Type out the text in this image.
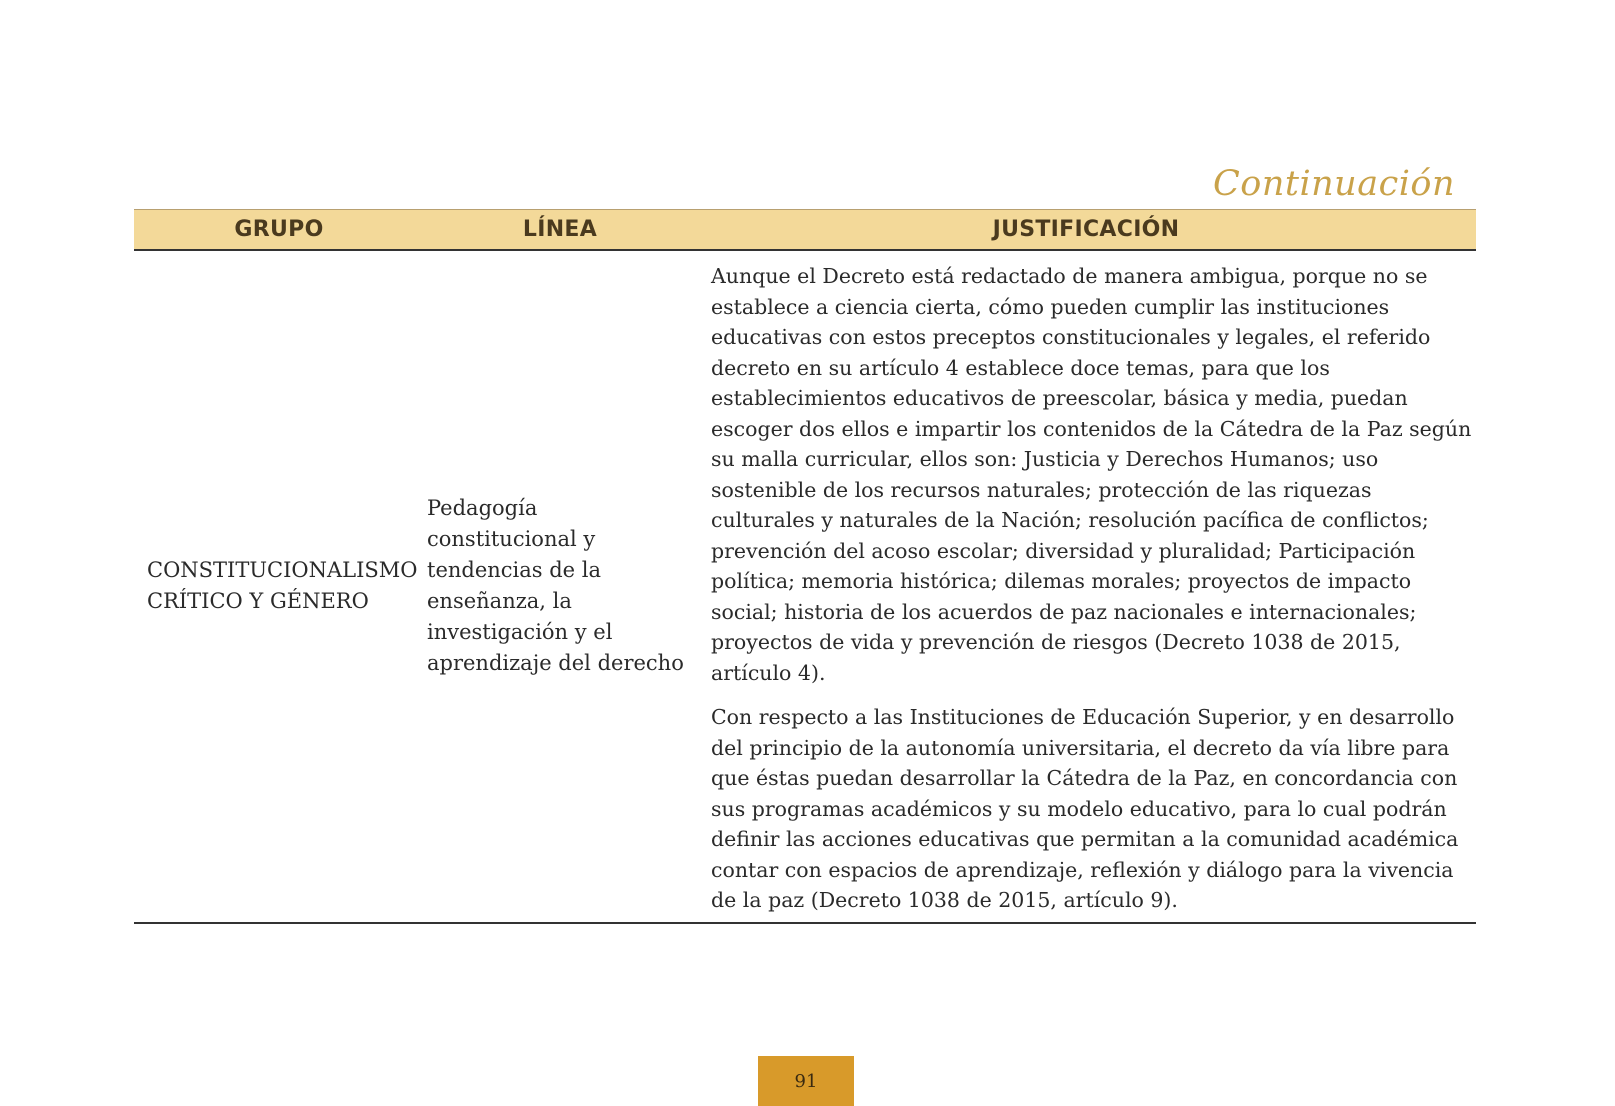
Continuación
GRUPO	LÍNEA	JUSTIFICACIÓN
CONSTITUCIONALISMO CRÍTICO Y GÉNERO
Pedagogía constitucional y tendencias de la enseñanza, la investigación y el aprendizaje del derecho

Aunque el Decreto está redactado de manera ambigua, porque no se establece a ciencia cierta, cómo pueden cumplir las instituciones educativas con estos preceptos constitucionales y legales, el referido decreto en su artículo 4 establece doce temas, para que los establecimientos educativos de preescolar, básica y media, puedan escoger dos ellos e impartir los contenidos de la Cátedra de la Paz según su malla curricular, ellos son: Justicia y Derechos Humanos; uso sostenible de los recursos naturales; protección de las riquezas culturales y naturales de la Nación; resolución pacífica de conflictos; prevención del acoso escolar; diversidad y pluralidad; Participación política; memoria histórica; dilemas morales; proyectos de impacto social; historia de los acuerdos de paz nacionales e internacionales; proyectos de vida y prevención de riesgos (Decreto 1038 de 2015, artículo 4).

Con respecto a las Instituciones de Educación Superior, y en desarrollo del principio de la autonomía universitaria, el decreto da vía libre para que éstas puedan desarrollar la Cátedra de la Paz, en concordancia con sus programas académicos y su modelo educativo, para lo cual podrán definir las acciones educativas que permitan a la comunidad académica contar con espacios de aprendizaje, reflexión y diálogo para la vivencia de la paz (Decreto 1038 de 2015, artículo 9).

91
